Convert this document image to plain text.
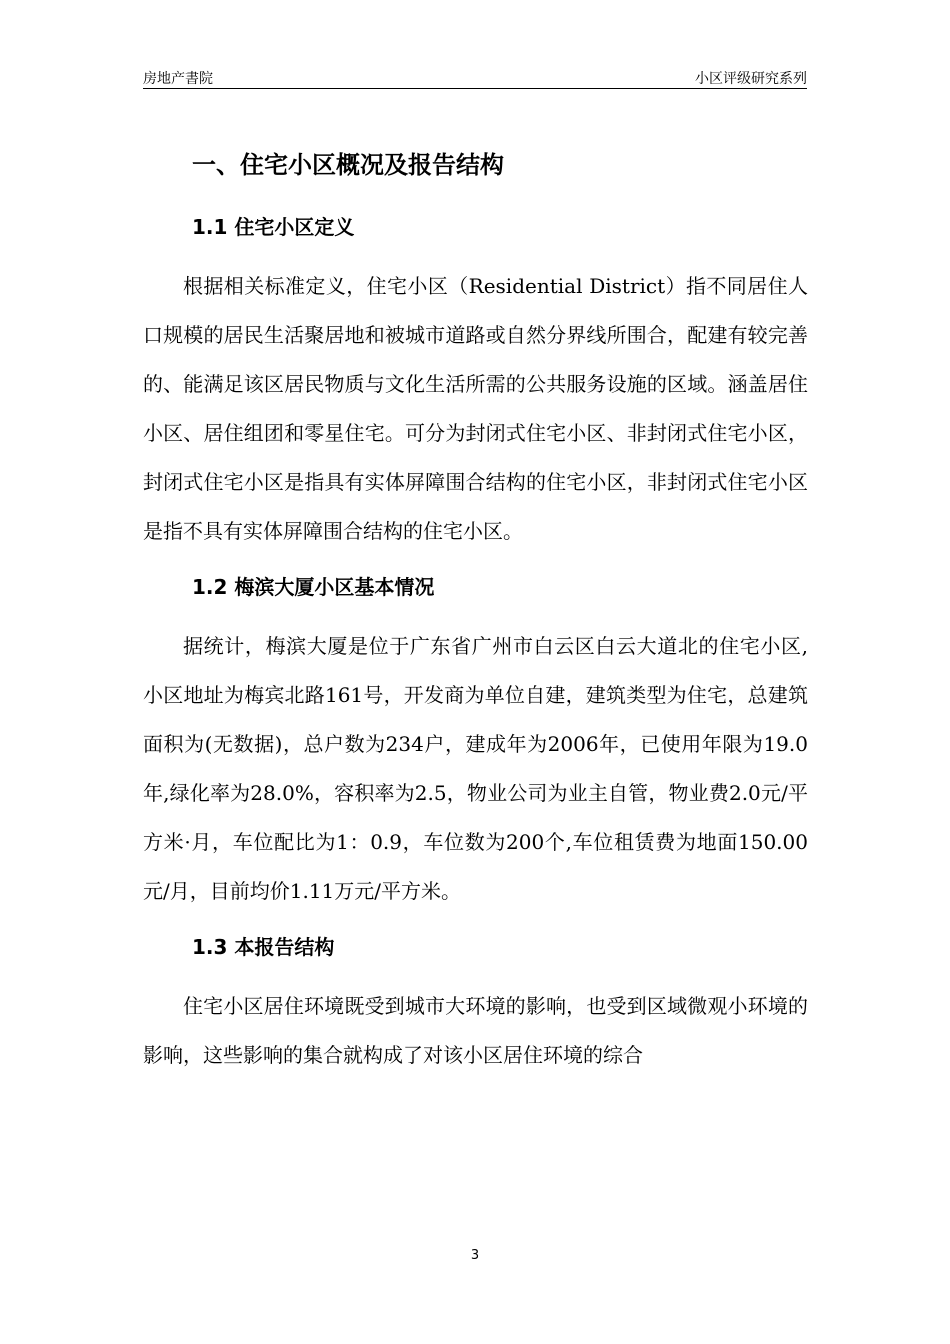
房地产書院	小区评级研究系列
一、住宅小区概况及报告结构
1.1 住宅小区定义

根据相关标准定义，住宅小区（Residential District）指不同居住人口规模的居民生活聚居地和被城市道路或自然分界线所围合，配建有较完善的、能满足该区居民物质与文化生活所需的公共服务设施的区域。涵盖居住小区、居住组团和零星住宅。可分为封闭式住宅小区、非封闭式住宅小区，封闭式住宅小区是指具有实体屏障围合结构的住宅小区，非封闭式住宅小区是指不具有实体屏障围合结构的住宅小区。

1.2 梅滨大厦小区基本情况

据统计，梅滨大厦是位于广东省广州市白云区白云大道北的住宅小区,小区地址为梅宾北路161号，开发商为单位自建，建筑类型为住宅，总建筑面积为(无数据)，总户数为234户，建成年为2006年，已使用年限为19.0年,绿化率为28.0%，容积率为2.5，物业公司为业主自管，物业费2.0元/平方米·月，车位配比为1：0.9，车位数为200个,车位租赁费为地面150.00元/月，目前均价1.11万元/平方米。

1.3 本报告结构

住宅小区居住环境既受到城市大环境的影响，也受到区域微观小环境的影响，这些影响的集合就构成了对该小区居住环境的综合

3
